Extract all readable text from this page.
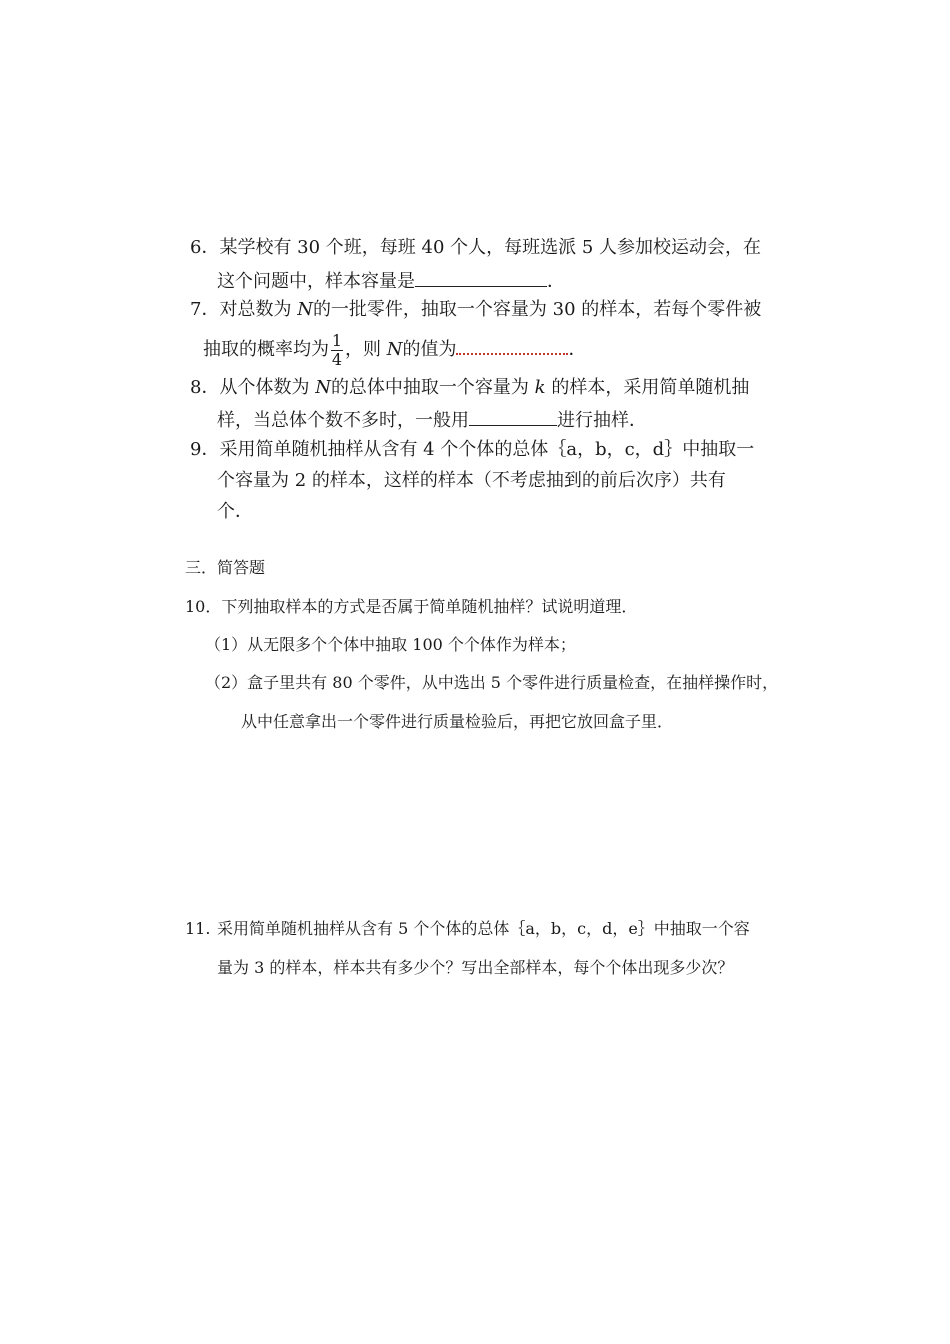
6．某学校有 30 个班，每班 40 个人，每班选派 5 人参加校运动会，在
这个问题中，样本容量是	．
7．对总数为 N的一批零件，抽取一个容量为 30 的样本，若每个零件被
抽取的概率均为 $\frac{1}{4}$ ，则 N的值为	．
8．从个体数为 N的总体中抽取一个容量为 k 的样本，采用简单随机抽
样，当总体个数不多时，一般用	进行抽样．
9．采用简单随机抽样从含有 4 个个体的总体｛a，b，c，d｝中抽取一
个容量为 2 的样本，这样的样本（不考虑抽到的前后次序）共有
个．
三．简答题
10．下列抽取样本的方式是否属于简单随机抽样？试说明道理．
（1）从无限多个个体中抽取 100 个个体作为样本；
（2）盒子里共有 80 个零件，从中选出 5 个零件进行质量检查，在抽样操作时，
从中任意拿出一个零件进行质量检验后，再把它放回盒子里．
11. 采用简单随机抽样从含有 5 个个体的总体｛a，b，c，d，e｝中抽取一个容
量为 3 的样本，样本共有多少个？写出全部样本，每个个体出现多少次？
